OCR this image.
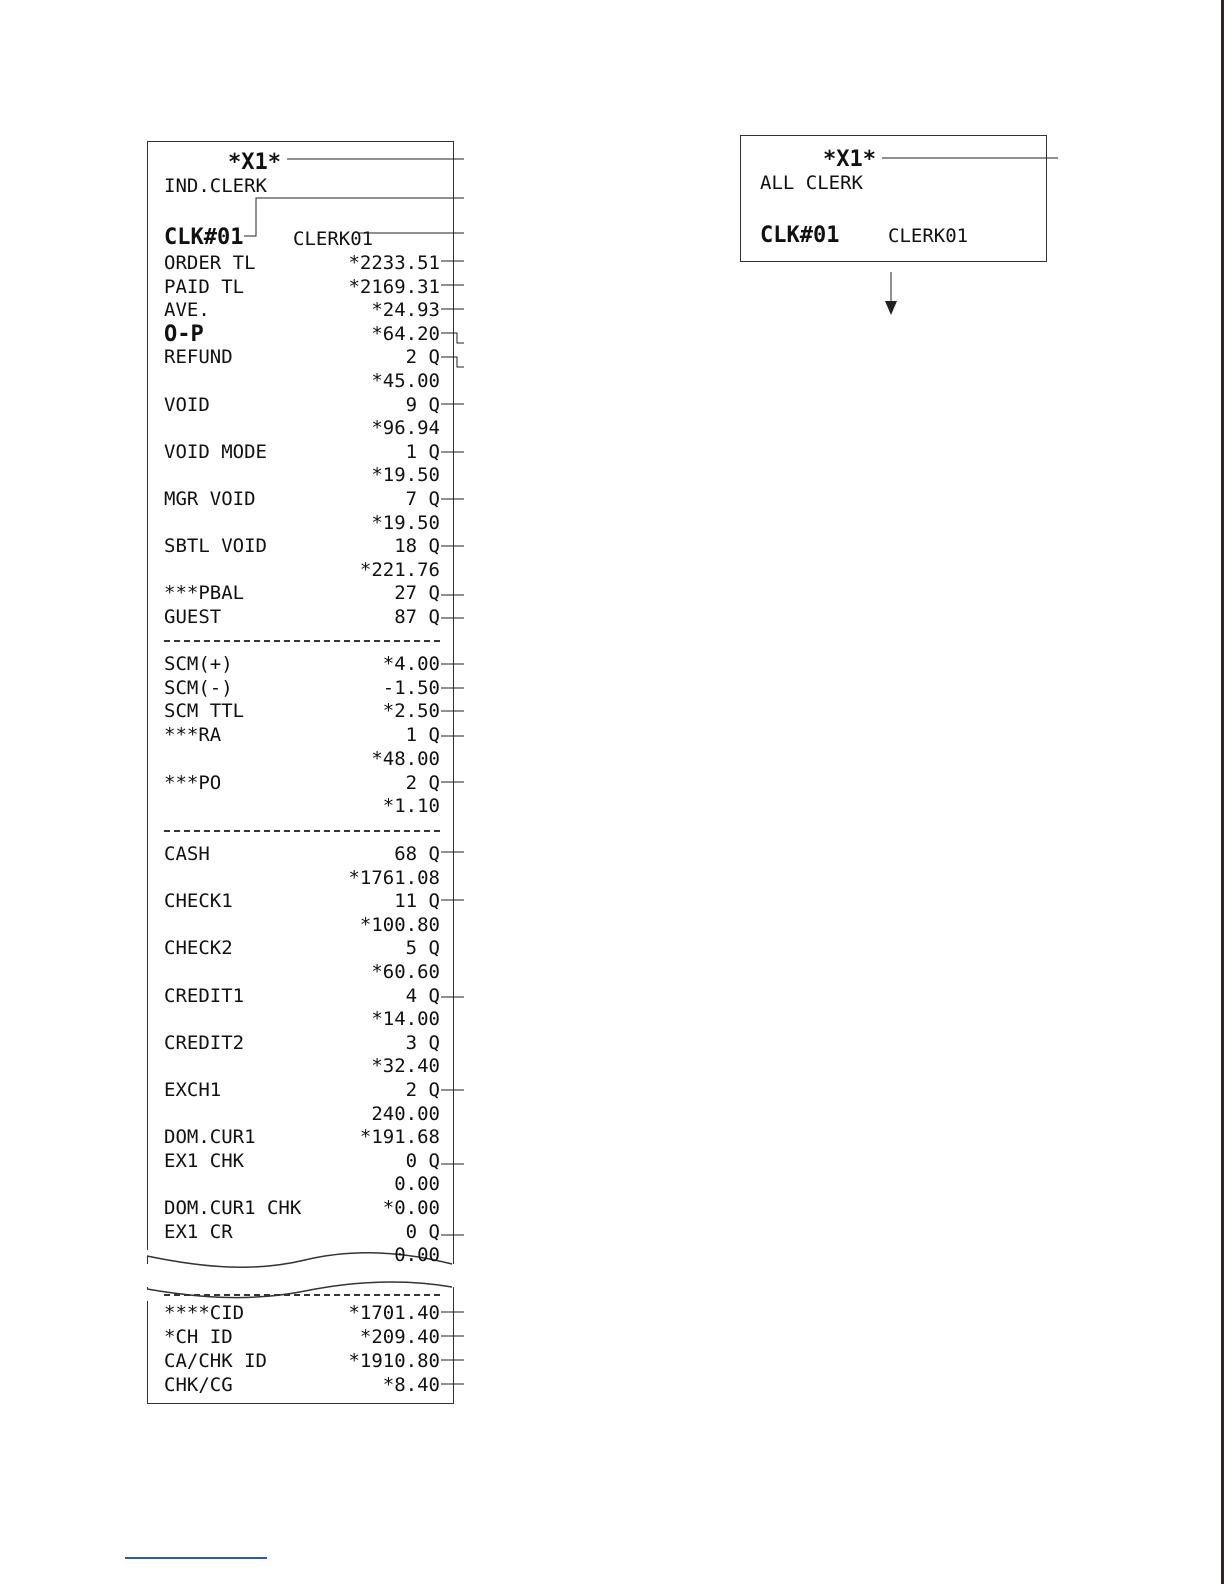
*X1*
IND.CLERK
CLK#01	CLERK01
ORDER TL	*2233.51
PAID TL	*2169.31
AVE.	*24.93
O-P	*64.20
REFUND	2 Q
*45.00
VOID	9 Q
*96.94
VOID MODE	1 Q
*19.50
MGR VOID	7 Q
*19.50
SBTL VOID	18 Q
*221.76
***PBAL	27 Q
GUEST	87 Q
SCM(+)	*4.00
SCM(-)	-1.50
SCM TTL	*2.50
***RA	1 Q
*48.00
***PO	2 Q
*1.10
CASH	68 Q
*1761.08
CHECK1	11 Q
*100.80
CHECK2	5 Q
*60.60
CREDIT1	4 Q
*14.00
CREDIT2	3 Q
*32.40
EXCH1	2 Q
240.00
DOM.CUR1	*191.68
EX1 CHK	0 Q
0.00
DOM.CUR1 CHK	*0.00
EX1 CR	0 Q
0.00
****CID	*1701.40
*CH ID	*209.40
CA/CHK ID	*1910.80
CHK/CG	*8.40
*X1*
ALL CLERK
CLK#01	CLERK01
